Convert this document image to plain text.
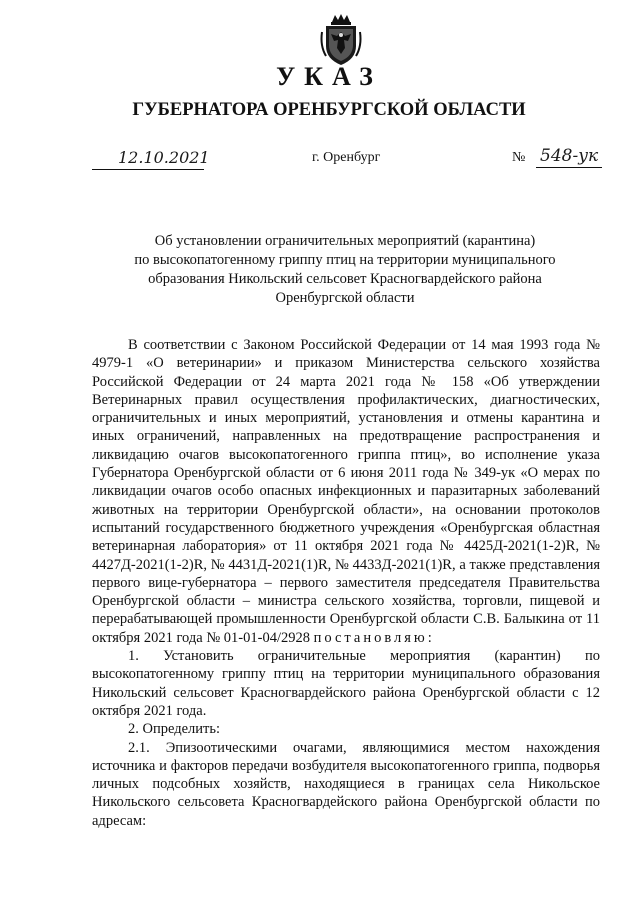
УКАЗ
ГУБЕРНАТОРА ОРЕНБУРГСКОЙ ОБЛАСТИ
12.10.2021	г. Оренбург	№ 548-ук
Об установлении ограничительных мероприятий (карантина)
по высокопатогенному гриппу птиц на территории муниципального
образования Никольский сельсовет Красногвардейского района
Оренбургской области

В соответствии с Законом Российской Федерации от 14 мая 1993 года № 4979-1 «О ветеринарии» и приказом Министерства сельского хозяйства Российской Федерации от 24 марта 2021 года № 158 «Об утверждении Ветеринарных правил осуществления профилактических, диагностических, ограничительных и иных мероприятий, установления и отмены карантина и иных ограничений, направленных на предотвращение распространения и ликвидацию очагов высокопатогенного гриппа птиц», во исполнение указа Губернатора Оренбургской области от 6 июня 2011 года № 349-ук «О мерах по ликвидации очагов особо опасных инфекционных и паразитарных заболеваний животных на территории Оренбургской области», на основании протоколов испытаний государственного бюджетного учреждения «Оренбургская областная ветеринарная лаборатория» от 11 октября 2021 года № 4425Д-2021(1-2)R, № 4427Д-2021(1-2)R, № 4431Д-2021(1)R, № 4433Д-2021(1)R, а также представления первого вице-губернатора – первого заместителя председателя Правительства Оренбургской области – министра сельского хозяйства, торговли, пищевой и перерабатывающей промышленности Оренбургской области С.В. Балыкина от 11 октября 2021 года № 01-01-04/2928 постановляю:

1. Установить ограничительные мероприятия (карантин) по высокопатогенному гриппу птиц на территории муниципального образования Никольский сельсовет Красногвардейского района Оренбургской области с 12 октября 2021 года.

2. Определить:

2.1. Эпизоотическими очагами, являющимися местом нахождения источника и факторов передачи возбудителя высокопатогенного гриппа, подворья личных подсобных хозяйств, находящиеся в границах села Никольское Никольского сельсовета Красногвардейского района Оренбургской области по адресам:
